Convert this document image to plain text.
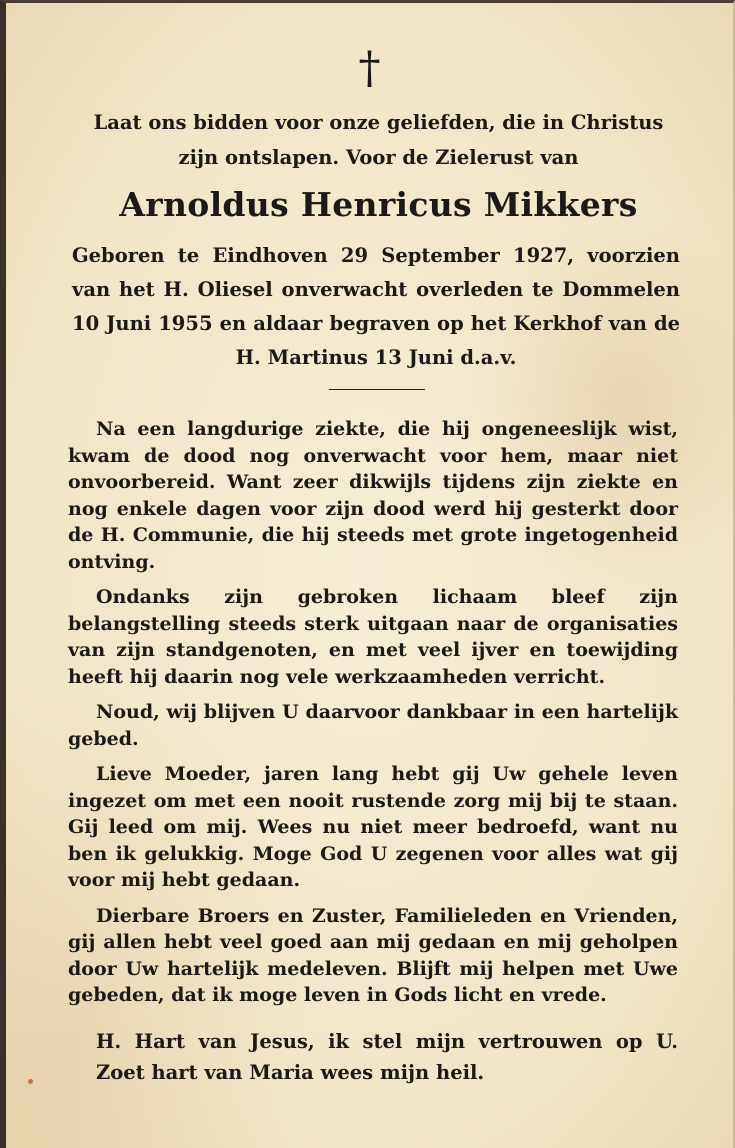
†
Laat ons bidden voor onze geliefden, die in Christus
zijn ontslapen. Voor de Zielerust van
Arnoldus Henricus Mikkers
Geboren te Eindhoven 29 September 1927, voorzien van het H. Oliesel onverwacht overleden te Dommelen 10 Juni 1955 en aldaar begraven op het Kerkhof van de H. Martinus 13 Juni d.a.v.

Na een langdurige ziekte, die hij ongeneeslijk wist, kwam de dood nog onverwacht voor hem, maar niet onvoorbereid. Want zeer dikwijls tijdens zijn ziekte en nog enkele dagen voor zijn dood werd hij gesterkt door de H. Communie, die hij steeds met grote ingetogenheid ontving.

Ondanks zijn gebroken lichaam bleef zijn belangstelling steeds sterk uitgaan naar de organisaties van zijn standgenoten, en met veel ijver en toewijding heeft hij daarin nog vele werkzaamheden verricht.

Noud, wij blijven U daarvoor dankbaar in een hartelijk gebed.

Lieve Moeder, jaren lang hebt gij Uw gehele leven ingezet om met een nooit rustende zorg mij bij te staan. Gij leed om mij. Wees nu niet meer bedroefd, want nu ben ik gelukkig. Moge God U zegenen voor alles wat gij voor mij hebt gedaan.

Dierbare Broers en Zuster, Familieleden en Vrienden, gij allen hebt veel goed aan mij gedaan en mij geholpen door Uw hartelijk medeleven. Blijft mij helpen met Uwe gebeden, dat ik moge leven in Gods licht en vrede.

H. Hart van Jesus, ik stel mijn vertrouwen op U.

Zoet hart van Maria wees mijn heil.
